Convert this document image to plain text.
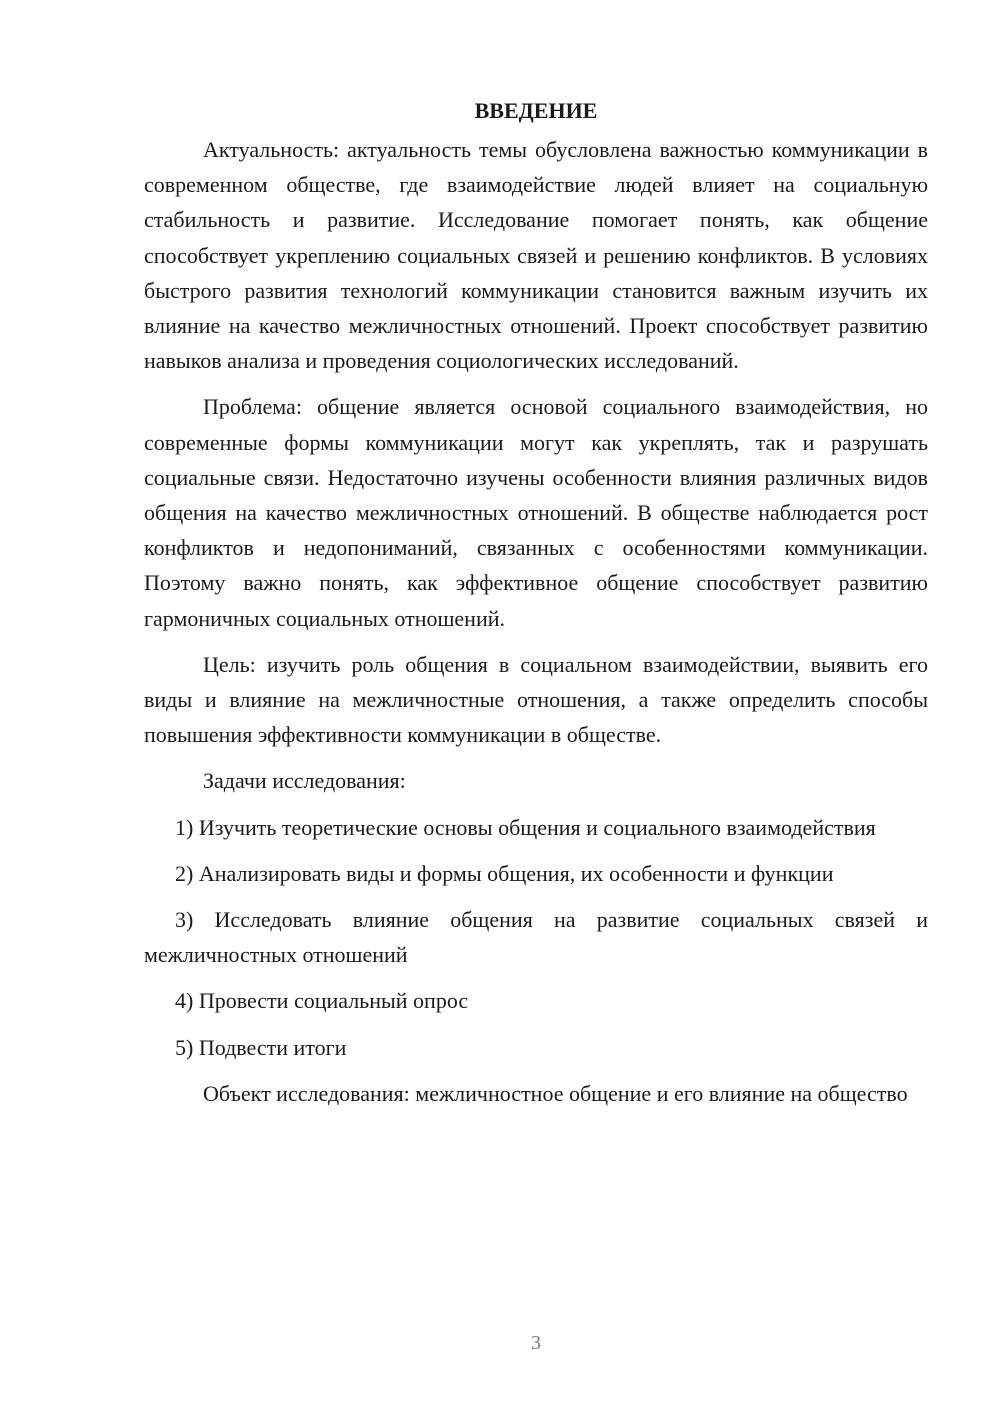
ВВЕДЕНИЕ

Актуальность: актуальность темы обусловлена важностью коммуникации в современном обществе, где взаимодействие людей влияет на социальную стабильность и развитие. Исследование помогает понять, как общение способствует укреплению социальных связей и решению конфликтов. В условиях быстрого развития технологий коммуникации становится важным изучить их влияние на качество межличностных отношений. Проект способствует развитию навыков анализа и проведения социологических исследований.

Проблема: общение является основой социального взаимодействия, но современные формы коммуникации могут как укреплять, так и разрушать социальные связи. Недостаточно изучены особенности влияния различных видов общения на качество межличностных отношений. В обществе наблюдается рост конфликтов и недопониманий, связанных с особенностями коммуникации. Поэтому важно понять, как эффективное общение способствует развитию гармоничных социальных отношений.

Цель: изучить роль общения в социальном взаимодействии, выявить его виды и влияние на межличностные отношения, а также определить способы повышения эффективности коммуникации в обществе.

Задачи исследования:

1) Изучить теоретические основы общения и социального взаимодействия

2) Анализировать виды и формы общения, их особенности и функции

3) Исследовать влияние общения на развитие социальных связей и межличностных отношений

4) Провести социальный опрос

5) Подвести итоги

Объект исследования: межличностное общение и его влияние на общество

3
